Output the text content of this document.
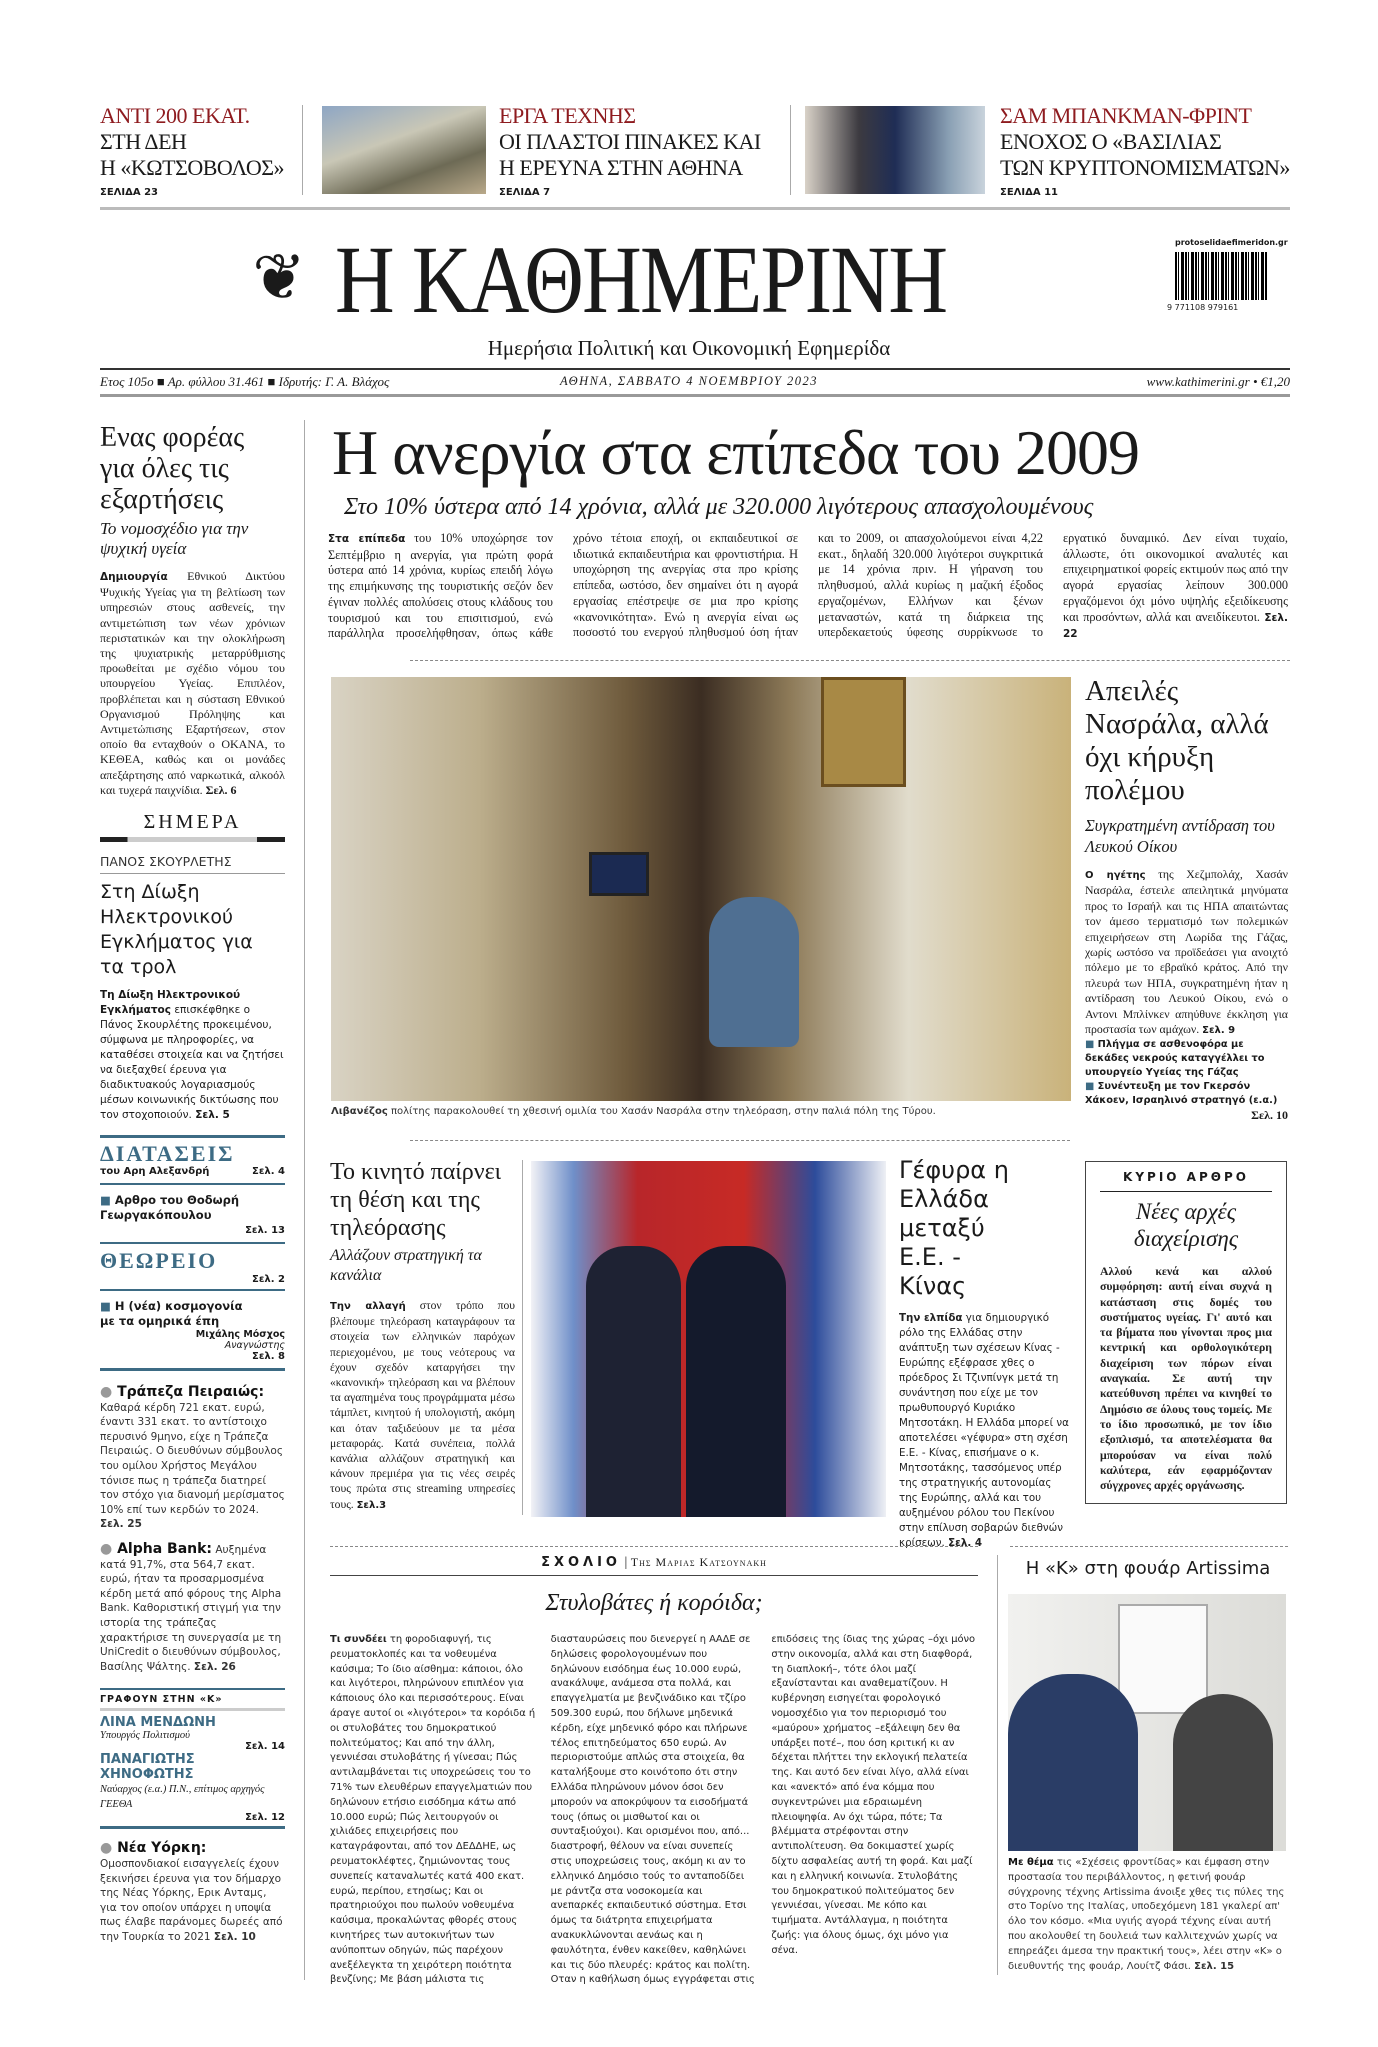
ΑΝΤΙ 200 ΕΚΑΤ.
ΣΤΗ ΔΕΗ
Η «ΚΩΤΣΟΒΟΛΟΣ»
ΣΕΛΙΔΑ 23
ΕΡΓΑ ΤΕΧΝΗΣ
ΟΙ ΠΛΑΣΤΟΙ ΠΙΝΑΚΕΣ ΚΑΙ
Η ΕΡΕΥΝΑ ΣΤΗΝ ΑΘΗΝΑ
ΣΕΛΙΔΑ 7
ΣΑΜ ΜΠΑΝΚΜΑΝ-ΦΡΙΝΤ
ΕΝΟΧΟΣ Ο «ΒΑΣΙΛΙΑΣ
ΤΩΝ ΚΡΥΠΤΟΝΟΜΙΣΜΑΤΩΝ»
ΣΕΛΙΔΑ 11
❦ Η ΚΑΘΗΜΕΡΙΝΗ	protoselidaefimeridon.gr
9 771108 979161
Ημερήσια Πολιτική και Οικονομική Εφημερίδα
Ετος 105ο ■ Αρ. φύλλου 31.461 ■ Ιδρυτής: Γ. Α. Βλάχος	ΑΘΗΝΑ, ΣΑΒΒΑΤΟ 4 ΝΟΕΜΒΡΙΟΥ 2023	www.kathimerini.gr • €1,20
Ενας φορέας για όλες τις εξαρτήσεις
Το νομοσχέδιο για την ψυχική υγεία
Δημιουργία Εθνικού Δικτύου Ψυχικής Υγείας για τη βελτίωση των υπηρεσιών στους ασθενείς, την αντιμετώπιση των νέων χρόνιων περιστατικών και την ολοκλήρωση της ψυχιατρικής μεταρρύθμισης προωθείται με σχέδιο νόμου του υπουργείου Υγείας. Επιπλέον, προβλέπεται και η σύσταση Εθνικού Οργανισμού Πρόληψης και Αντιμετώπισης Εξαρτήσεων, στον οποίο θα ενταχθούν ο ΟΚΑΝΑ, το ΚΕΘΕΑ, καθώς και οι μονάδες απεξάρτησης από ναρκωτικά, αλκοόλ και τυχερά παιχνίδια. Σελ. 6
ΣΗΜΕΡΑ
ΠΑΝΟΣ ΣΚΟΥΡΛΕΤΗΣ
Στη Δίωξη Ηλεκτρονικού Εγκλήματος για τα τρολ
Τη Δίωξη Ηλεκτρονικού Εγκλήματος επισκέφθηκε ο Πάνος Σκουρλέτης προκειμένου, σύμφωνα με πληροφορίες, να καταθέσει στοιχεία και να ζητήσει να διεξαχθεί έρευνα για διαδικτυακούς λογαριασμούς μέσων κοινωνικής δικτύωσης που τον στοχοποιούν. Σελ. 5
ΔΙΑΤΑΣΕΙΣ
του Αρη Αλεξανδρή	Σελ. 4
■ Αρθρο του Θοδωρή Γεωργακόπουλου
Σελ. 13
ΘΕΩΡΕΙΟ
Σελ. 2
■ Η (νέα) κοσμογονία με τα ομηρικά έπη
Μιχάλης Μόσχος
Αναγνώστης
Σελ. 8
● Τράπεζα Πειραιώς: Καθαρά κέρδη 721 εκατ. ευρώ, έναντι 331 εκατ. το αντίστοιχο περυσινό 9μηνο, είχε η Τράπεζα Πειραιώς. Ο διευθύνων σύμβουλος του ομίλου Χρήστος Μεγάλου τόνισε πως η τράπεζα διατηρεί τον στόχο για διανομή μερίσματος 10% επί των κερδών το 2024. Σελ. 25
● Alpha Bank: Αυξημένα κατά 91,7%, στα 564,7 εκατ. ευρώ, ήταν τα προσαρμοσμένα κέρδη μετά από φόρους της Alpha Bank. Καθοριστική στιγμή για την ιστορία της τράπεζας χαρακτήρισε τη συνεργασία με τη UniCredit ο διευθύνων σύμβουλος, Βασίλης Ψάλτης. Σελ. 26
ΓΡΑΦΟΥΝ ΣΤΗΝ «Κ»
ΛΙΝΑ ΜΕΝΔΩΝΗ
Υπουργός Πολιτισμού
Σελ. 14
ΠΑΝΑΓΙΩΤΗΣ ΧΗΝΟΦΩΤΗΣ
Ναύαρχος (ε.α.) Π.Ν., επίτιμος αρχηγός ΓΕΕΘΑ
Σελ. 12
● Νέα Υόρκη: Ομοσπονδιακοί εισαγγελείς έχουν ξεκινήσει έρευνα για τον δήμαρχο της Νέας Υόρκης, Ερικ Ανταμς, για τον οποίον υπάρχει η υποψία πως έλαβε παράνομες δωρεές από την Τουρκία το 2021 Σελ. 10
Η ανεργία στα επίπεδα του 2009
Στο 10% ύστερα από 14 χρόνια, αλλά με 320.000 λιγότερους απασχολουμένους
Στα επίπεδα του 10% υποχώρησε τον Σεπτέμβριο η ανεργία, για πρώτη φορά ύστερα από 14 χρόνια, κυρίως επειδή λόγω της επιμήκυνσης της τουριστικής σεζόν δεν έγιναν πολλές απολύσεις στους κλάδους του τουρισμού και του επισιτισμού, ενώ παράλληλα προσελήφθησαν, όπως κάθε χρόνο τέτοια εποχή, οι εκπαιδευτικοί σε ιδιωτικά εκπαιδευτήρια και φροντιστήρια. Η υποχώρηση της ανεργίας στα προ κρίσης επίπεδα, ωστόσο, δεν σημαίνει ότι η αγορά εργασίας επέστρεψε σε μια προ κρίσης «κανονικότητα». Ενώ η ανεργία είναι ως ποσοστό του ενεργού πληθυσμού όση ήταν και το 2009, οι απασχολούμενοι είναι 4,22 εκατ., δηλαδή 320.000 λιγότεροι συγκριτικά με 14 χρόνια πριν. Η γήρανση του πληθυσμού, αλλά κυρίως η μαζική έξοδος εργαζομένων, Ελλήνων και ξένων μεταναστών, κατά τη διάρκεια της υπερδεκαετούς ύφεσης συρρίκνωσε το εργατικό δυναμικό. Δεν είναι τυχαίο, άλλωστε, ότι οικονομικοί αναλυτές και επιχειρηματικοί φορείς εκτιμούν πως από την αγορά εργασίας λείπουν 300.000 εργαζόμενοι όχι μόνο υψηλής εξειδίκευσης και προσόντων, αλλά και ανειδίκευτοι. Σελ. 22
Λιβανέζος πολίτης παρακολουθεί τη χθεσινή ομιλία του Χασάν Νασράλα στην τηλεόραση, στην παλιά πόλη της Τύρου.
Απειλές Νασράλα, αλλά όχι κήρυξη πολέμου
Συγκρατημένη αντίδραση του Λευκού Οίκου
Ο ηγέτης της Χεζμπολάχ, Χασάν Νασράλα, έστειλε απειλητικά μηνύματα προς το Ισραήλ και τις ΗΠΑ απαιτώντας τον άμεσο τερματισμό των πολεμικών επιχειρήσεων στη Λωρίδα της Γάζας, χωρίς ωστόσο να προϊδεάσει για ανοιχτό πόλεμο με το εβραϊκό κράτος. Από την πλευρά των ΗΠΑ, συγκρατημένη ήταν η αντίδραση του Λευκού Οίκου, ενώ ο Αντονι Μπλίνκεν απηύθυνε έκκληση για προστασία των αμάχων. Σελ. 9
■ Πλήγμα σε ασθενοφόρα με δεκάδες νεκρούς καταγγέλλει το υπουργείο Υγείας της Γάζας
■ Συνέντευξη με τον Γκερσόν Χάκοεν, Ισραηλινό στρατηγό (ε.α.)
Σελ. 10
Το κινητό παίρνει τη θέση και της τηλεόρασης
Αλλάζουν στρατηγική τα κανάλια
Την αλλαγή στον τρόπο που βλέπουμε τηλεόραση καταγράφουν τα στοιχεία των ελληνικών παρόχων περιεχομένου, με τους νεότερους να έχουν σχεδόν καταργήσει την «κανονική» τηλεόραση και να βλέπουν τα αγαπημένα τους προγράμματα μέσω τάμπλετ, κινητού ή υπολογιστή, ακόμη και όταν ταξιδεύουν με τα μέσα μεταφοράς. Κατά συνέπεια, πολλά κανάλια αλλάζουν στρατηγική και κάνουν πρεμιέρα για τις νέες σειρές τους πρώτα στις streaming υπηρεσίες τους. Σελ.3
Γέφυρα η Ελλάδα μεταξύ Ε.Ε. - Κίνας
Την ελπίδα για δημιουργικό ρόλο της Ελλάδας στην ανάπτυξη των σχέσεων Κίνας - Ευρώπης εξέφρασε χθες ο πρόεδρος Σι Τζινπίνγκ μετά τη συνάντηση που είχε με τον πρωθυπουργό Κυριάκο Μητσοτάκη. Η Ελλάδα μπορεί να αποτελέσει «γέφυρα» στη σχέση Ε.Ε. - Κίνας, επισήμανε ο κ. Μητσοτάκης, τασσόμενος υπέρ της στρατηγικής αυτονομίας της Ευρώπης, αλλά και του αυξημένου ρόλου του Πεκίνου στην επίλυση σοβαρών διεθνών κρίσεων. Σελ. 4
ΚΥΡΙΟ ΑΡΘΡΟ
Νέες αρχές διαχείρισης
Αλλού κενά και αλλού συμφόρηση: αυτή είναι συχνά η κατάσταση στις δομές του συστήματος υγείας. Γι' αυτό και τα βήματα που γίνονται προς μια κεντρική και ορθολογικότερη διαχείριση των πόρων είναι αναγκαία. Σε αυτή την κατεύθυνση πρέπει να κινηθεί το Δημόσιο σε όλους τους τομείς. Με το ίδιο προσωπικό, με τον ίδιο εξοπλισμό, τα αποτελέσματα θα μπορούσαν να είναι πολύ καλύτερα, εάν εφαρμόζονταν σύγχρονες αρχές οργάνωσης.
ΣΧΟΛΙΟ | Της Μαριας Κατσουνακη
Στυλοβάτες ή κορόιδα;
Τι συνδέει τη φοροδιαφυγή, τις ρευματοκλοπές και τα νοθευμένα καύσιμα; Το ίδιο αίσθημα: κάποιοι, όλο και λιγότεροι, πληρώνουν επιπλέον για κάποιους όλο και περισσότερους. Είναι άραγε αυτοί οι «λιγότεροι» τα κορόιδα ή οι στυλοβάτες του δημοκρατικού πολιτεύματος; Και από την άλλη, γεννιέσαι στυλοβάτης ή γίνεσαι; Πώς αντιλαμβάνεται τις υποχρεώσεις του το 71% των ελευθέρων επαγγελματιών που δηλώνουν ετήσιο εισόδημα κάτω από 10.000 ευρώ; Πώς λειτουργούν οι χιλιάδες επιχειρήσεις που καταγράφονται, από τον ΔΕΔΔΗΕ, ως ρευματοκλέφτες, ζημιώνοντας τους συνεπείς καταναλωτές κατά 400 εκατ. ευρώ, περίπου, ετησίως; Και οι πρατηριούχοι που πωλούν νοθευμένα καύσιμα, προκαλώντας φθορές στους κινητήρες των αυτοκινήτων των ανύποπτων οδηγών, πώς παρέχουν ανεξέλεγκτα τη χειρότερη ποιότητα βενζίνης; Με βάση μάλιστα τις διασταυρώσεις που διενεργεί η ΑΑΔΕ σε δηλώσεις φορολογουμένων που δηλώνουν εισόδημα έως 10.000 ευρώ, ανακάλυψε, ανάμεσα στα πολλά, και επαγγελματία με βενζινάδικο και τζίρο 509.300 ευρώ, που δήλωνε μηδενικά κέρδη, είχε μηδενικό φόρο και πλήρωνε τέλος επιτηδεύματος 650 ευρώ. Αν περιοριστούμε απλώς στα στοιχεία, θα καταλήξουμε στο κοινότοπο ότι στην Ελλάδα πληρώνουν μόνον όσοι δεν μπορούν να αποκρύψουν τα εισοδήματά τους (όπως οι μισθωτοί και οι συνταξιούχοι). Και ορισμένοι που, από... διαστροφή, θέλουν να είναι συνεπείς στις υποχρεώσεις τους, ακόμη κι αν το ελληνικό Δημόσιο τούς το ανταποδίδει με ράντζα στα νοσοκομεία και ανεπαρκές εκπαιδευτικό σύστημα. Ετσι όμως τα διάτρητα επιχειρήματα ανακυκλώνονται αενάως και η φαυλότητα, ένθεν κακείθεν, καθηλώνει και τις δύο πλευρές: κράτος και πολίτη. Οταν η καθήλωση όμως εγγράφεται στις επιδόσεις της ίδιας της χώρας –όχι μόνο στην οικονομία, αλλά και στη διαφθορά, τη διαπλοκή–, τότε όλοι μαζί εξανίστανται και αναθεματίζουν. Η κυβέρνηση εισηγείται φορολογικό νομοσχέδιο για τον περιορισμό του «μαύρου» χρήματος –εξάλειψη δεν θα υπάρξει ποτέ–, που όση κριτική κι αν δέχεται πλήττει την εκλογική πελατεία της. Και αυτό δεν είναι λίγο, αλλά είναι και «ανεκτό» από ένα κόμμα που συγκεντρώνει μια εδραιωμένη πλειοψηφία. Αν όχι τώρα, πότε; Τα βλέμματα στρέφονται στην αντιπολίτευση. Θα δοκιμαστεί χωρίς δίχτυ ασφαλείας αυτή τη φορά. Και μαζί και η ελληνική κοινωνία. Στυλοβάτης του δημοκρατικού πολιτεύματος δεν γεννιέσαι, γίνεσαι. Με κόπο και τιμήματα. Αντάλλαγμα, η ποιότητα ζωής: για όλους όμως, όχι μόνο για σένα.
Η «Κ» στη φουάρ Artissima
Με θέμα τις «Σχέσεις φροντίδας» και έμφαση στην προστασία του περιβάλλοντος, η φετινή φουάρ σύγχρονης τέχνης Artissima άνοιξε χθες τις πύλες της στο Τορίνο της Ιταλίας, υποδεχόμενη 181 γκαλερί απ' όλο τον κόσμο. «Μια υγιής αγορά τέχνης είναι αυτή που ακολουθεί τη δουλειά των καλλιτεχνών χωρίς να επηρεάζει άμεσα την πρακτική τους», λέει στην «Κ» ο διευθυντής της φουάρ, Λουίτζ Φάσι. Σελ. 15
